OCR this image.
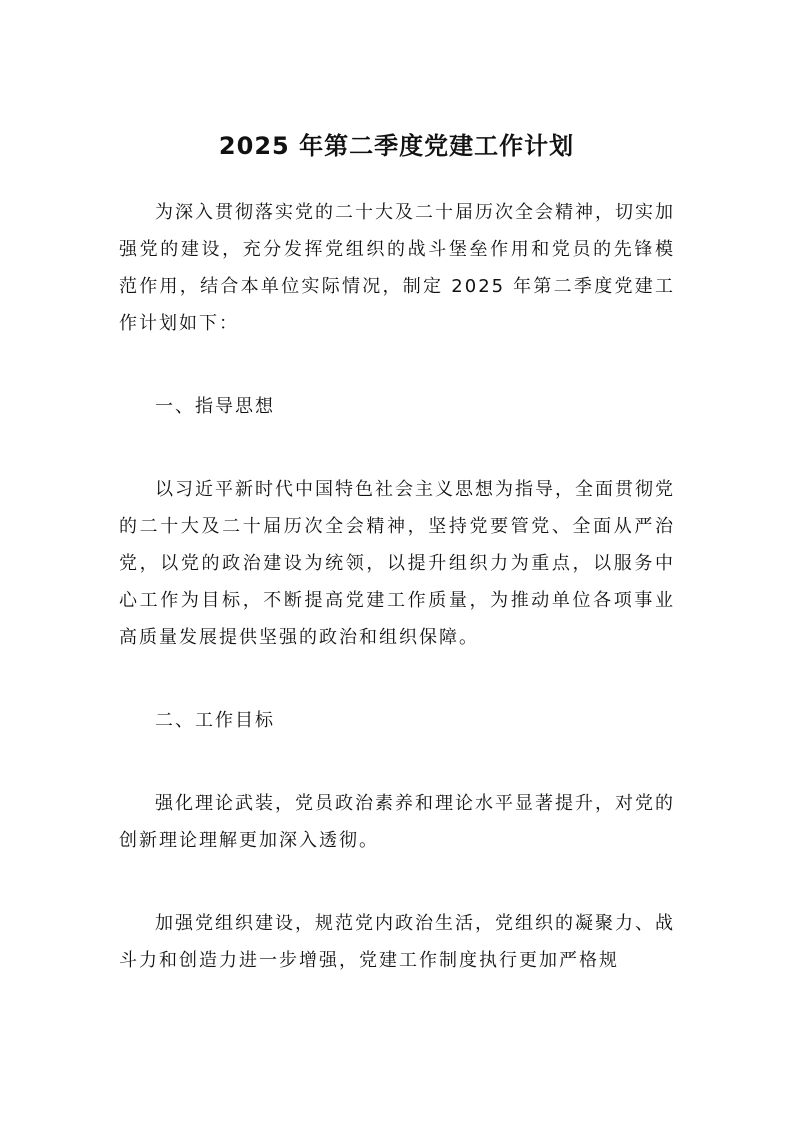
2025 年第二季度党建工作计划

为深入贯彻落实党的二十大及二十届历次全会精神，切实加强党的建设，充分发挥党组织的战斗堡垒作用和党员的先锋模范作用，结合本单位实际情况，制定 2025 年第二季度党建工作计划如下：

一、指导思想

以习近平新时代中国特色社会主义思想为指导，全面贯彻党的二十大及二十届历次全会精神，坚持党要管党、全面从严治党，以党的政治建设为统领，以提升组织力为重点，以服务中心工作为目标，不断提高党建工作质量，为推动单位各项事业高质量发展提供坚强的政治和组织保障。

二、工作目标

强化理论武装，党员政治素养和理论水平显著提升，对党的创新理论理解更加深入透彻。

加强党组织建设，规范党内政治生活，党组织的凝聚力、战斗力和创造力进一步增强，党建工作制度执行更加严格规
